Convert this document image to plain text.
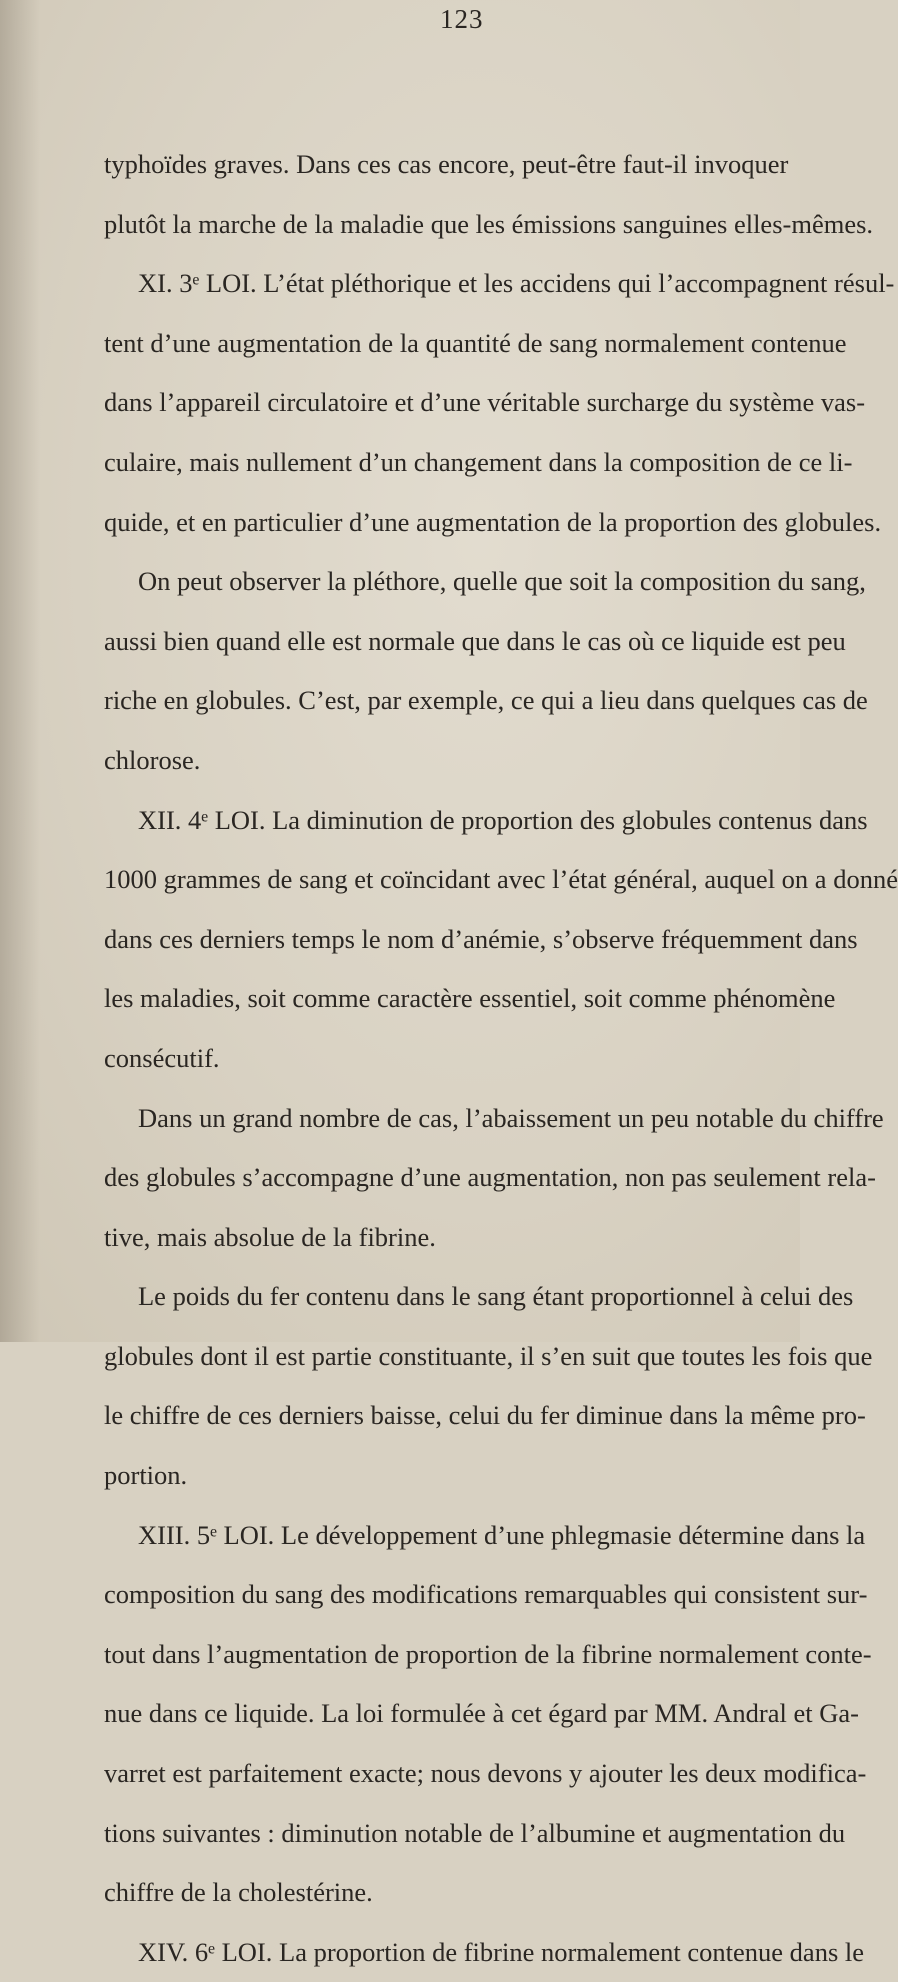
123
typhoïdes graves. Dans ces cas encore, peut-être faut-il invoquer
plutôt la marche de la maladie que les émissions sanguines elles-mêmes.
XI. 3ᵉ LOI. L’état pléthorique et les accidens qui l’accompagnent résul-
tent d’une augmentation de la quantité de sang normalement contenue
dans l’appareil circulatoire et d’une véritable surcharge du système vas-
culaire, mais nullement d’un changement dans la composition de ce li-
quide, et en particulier d’une augmentation de la proportion des globules.
On peut observer la pléthore, quelle que soit la composition du sang,
aussi bien quand elle est normale que dans le cas où ce liquide est peu
riche en globules. C’est, par exemple, ce qui a lieu dans quelques cas de
chlorose.
XII. 4ᵉ LOI. La diminution de proportion des globules contenus dans
1000 grammes de sang et coïncidant avec l’état général, auquel on a donné
dans ces derniers temps le nom d’anémie, s’observe fréquemment dans
les maladies, soit comme caractère essentiel, soit comme phénomène
consécutif.
Dans un grand nombre de cas, l’abaissement un peu notable du chiffre
des globules s’accompagne d’une augmentation, non pas seulement rela-
tive, mais absolue de la fibrine.
Le poids du fer contenu dans le sang étant proportionnel à celui des
globules dont il est partie constituante, il s’en suit que toutes les fois que
le chiffre de ces derniers baisse, celui du fer diminue dans la même pro-
portion.
XIII. 5ᵉ LOI. Le développement d’une phlegmasie détermine dans la
composition du sang des modifications remarquables qui consistent sur-
tout dans l’augmentation de proportion de la fibrine normalement conte-
nue dans ce liquide. La loi formulée à cet égard par MM. Andral et Ga-
varret est parfaitement exacte; nous devons y ajouter les deux modifica-
tions suivantes : diminution notable de l’albumine et augmentation du
chiffre de la cholestérine.
XIV. 6ᵉ LOI. La proportion de fibrine normalement contenue dans le
